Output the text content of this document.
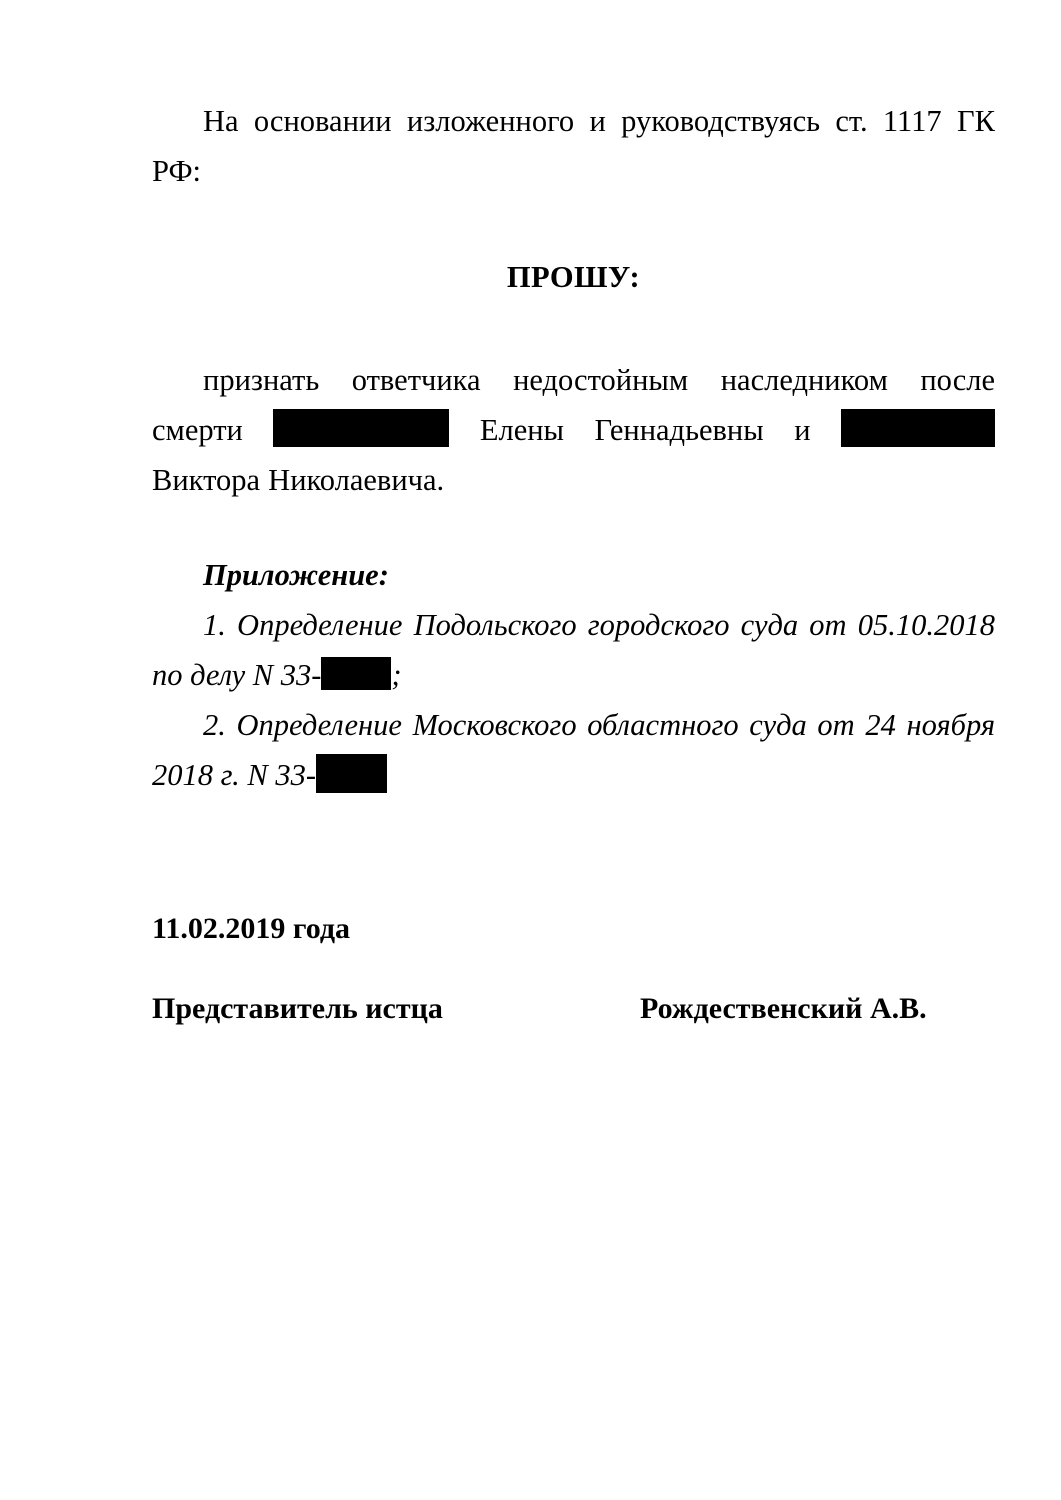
На основании изложенного и руководствуясь ст. 1117 ГК РФ:

ПРОШУ:

признать ответчика недостойным наследником после смерти	Елены Геннадьевны и  Виктора Николаевича.

Приложение:

1. Определение Подольского городского суда от 05.10.2018 по делу N 33- ;

2. Определение Московского областного суда от 24 ноября 2018 г. N 33-

11.02.2019 года

Представитель истца	Рождественский А.В.
